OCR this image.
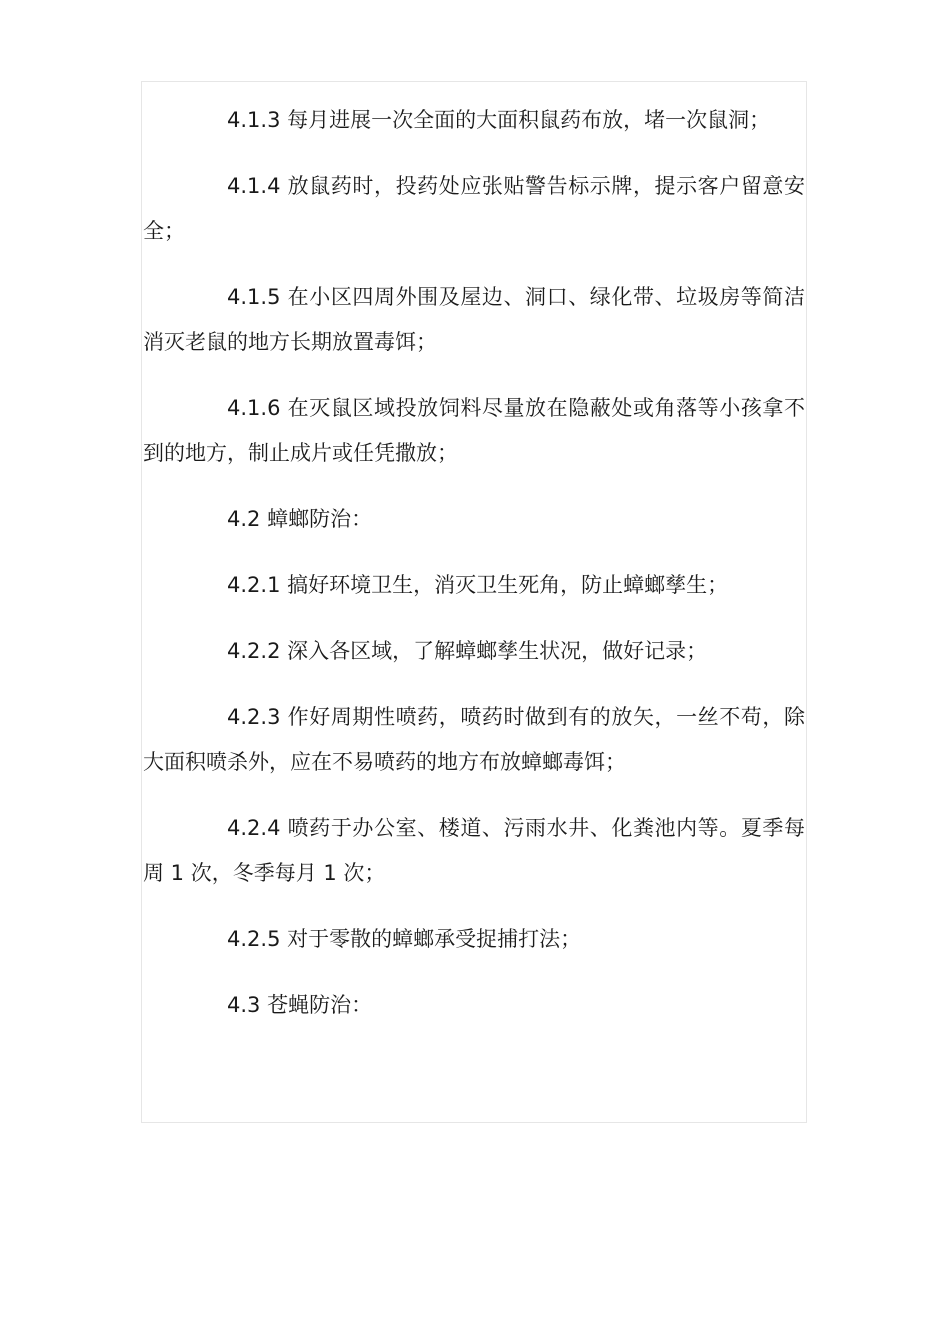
4.1.3 每月进展一次全面的大面积鼠药布放，堵一次鼠洞；

4.1.4 放鼠药时，投药处应张贴警告标示牌，提示客户留意安全；

4.1.5 在小区四周外围及屋边、洞口、绿化带、垃圾房等简洁消灭老鼠的地方长期放置毒饵；

4.1.6 在灭鼠区域投放饲料尽量放在隐蔽处或角落等小孩拿不到的地方，制止成片或任凭撒放；

4.2 蟑螂防治：

4.2.1 搞好环境卫生，消灭卫生死角，防止蟑螂孳生；

4.2.2 深入各区域，了解蟑螂孳生状况，做好记录；

4.2.3 作好周期性喷药，喷药时做到有的放矢，一丝不苟，除大面积喷杀外，应在不易喷药的地方布放蟑螂毒饵；

4.2.4 喷药于办公室、楼道、污雨水井、化粪池内等。夏季每周 1 次，冬季每月 1 次；

4.2.5 对于零散的蟑螂承受捉捕打法；

4.3 苍蝇防治：
